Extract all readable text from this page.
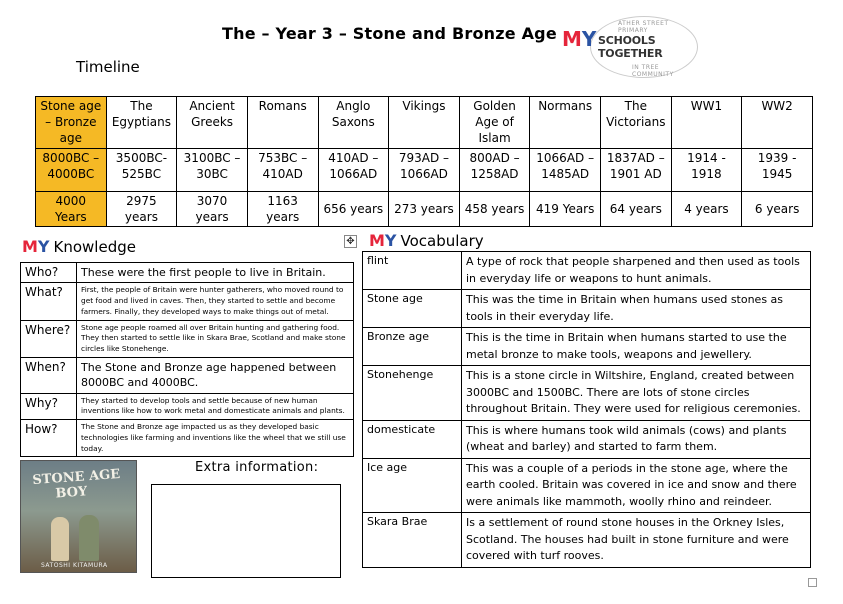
The – Year 3 – Stone and Bronze Age
ATHER STREET PRIMARY
MY SCHOOLS TOGETHER
IN TREE COMMUNITY
Timeline
Stone age – Bronze age	The Egyptians	Ancient Greeks	Romans	Anglo Saxons	Vikings	Golden Age of Islam	Normans	The Victorians	WW1	WW2
8000BC – 4000BC	3500BC-525BC	3100BC – 30BC	753BC – 410AD	410AD – 1066AD	793AD – 1066AD	800AD – 1258AD	1066AD – 1485AD	1837AD – 1901 AD	1914 - 1918	1939 - 1945
4000 Years	2975 years	3070 years	1163 years	656 years	273 years	458 years	419 Years	64 years	4 years	6 years
MY Knowledge	✥ MY Vocabulary
Who?	These were the first people to live in Britain.
What?	First, the people of Britain were hunter gatherers, who moved round to get food and lived in caves. Then, they started to settle and become farmers. Finally, they developed ways to make things out of metal.
Where?	Stone age people roamed all over Britain hunting and gathering food. They then started to settle like in Skara Brae, Scotland and make stone circles like Stonehenge.
When?	The Stone and Bronze age happened between 8000BC and 4000BC.
Why?	They started to develop tools and settle because of new human inventions like how to work metal and domesticate animals and plants.
How?	The Stone and Bronze age impacted us as they developed basic technologies like farming and inventions like the wheel that we still use today.
flint	A type of rock that people sharpened and then used as tools in everyday life or weapons to hunt animals.
Stone age	This was the time in Britain when humans used stones as tools in their everyday life.
Bronze age	This is the time in Britain when humans started to use the metal bronze to make tools, weapons and jewellery.
Stonehenge	This is a stone circle in Wiltshire, England, created between 3000BC and 1500BC. There are lots of stone circles throughout Britain. They were used for religious ceremonies.
domesticate	This is where humans took wild animals (cows) and plants (wheat and barley) and started to farm them.
Ice age	This was a couple of a periods in the stone age, where the earth cooled. Britain was covered in ice and snow and there were animals like mammoth, woolly rhino and reindeer.
Skara Brae	Is a settlement of round stone houses in the Orkney Isles, Scotland. The houses had built in stone furniture and were covered with turf rooves.
STONE AGE
BOY
SATOSHI KITAMURA
Extra information:
